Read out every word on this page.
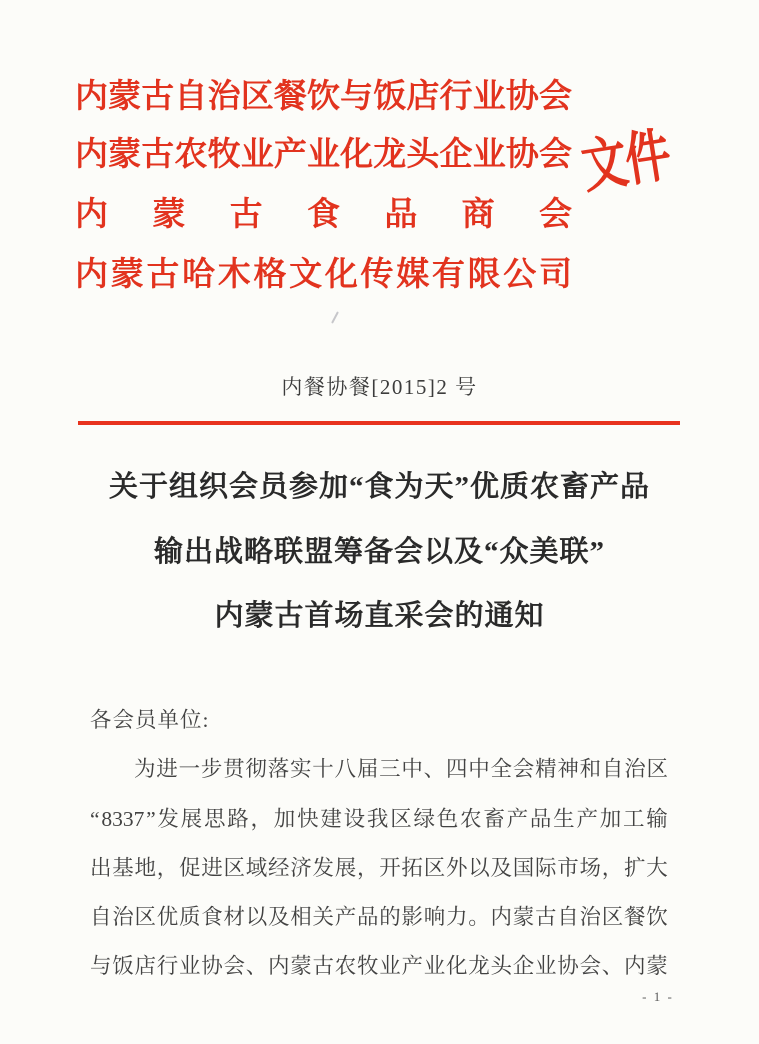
内 蒙 古 自 治 区 餐 饮 与 饭 店 行 业 协 会
内 蒙 古 农 牧 业 产 业 化 龙 头 企 业 协 会
内 蒙 古 食 品 商 会
内 蒙 古 哈 木 格 文 化 传 媒 有 限 公 司
文件
内餐协餐[2015]2 号
关于组织会员参加“食为天”优质农畜产品
输出战略联盟筹备会以及“众美联”
内蒙古首场直采会的通知
各会员单位:
为 进 一 步 贯 彻 落 实 十 八 届 三 中 、 四 中 全 会 精 神 和 自 治 区
“ 8337 ” 发 展 思 路 ， 加 快 建 设 我 区 绿 色 农 畜 产 品 生 产 加 工 输
出 基 地 ， 促 进 区 域 经 济 发 展 ， 开 拓 区 外 以 及 国 际 市 场 ， 扩 大
自 治 区 优 质 食 材 以 及 相 关 产 品 的 影 响 力 。 内 蒙 古 自 治 区 餐 饮
与 饭 店 行 业 协 会 、 内 蒙 古 农 牧 业 产 业 化 龙 头 企 业 协 会 、 内 蒙
- 1 -
